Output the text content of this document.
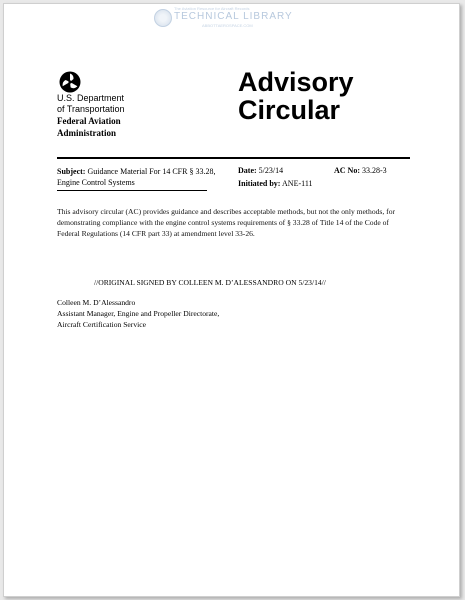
The Aviation Resource for Aircraft Records
TECHNICAL LIBRARY
ABBOTTAEROSPACE.COM
U.S. Department
of Transportation
Federal Aviation
Administration
Advisory
Circular
Subject: Guidance Material For 14 CFR § 33.28, Engine Control Systems
Date: 5/23/14	AC No: 33.28-3
Initiated by: ANE-111
This advisory circular (AC) provides guidance and describes acceptable methods, but not the only methods, for demonstrating compliance with the engine control systems requirements of § 33.28 of Title 14 of the Code of Federal Regulations (14 CFR part 33) at amendment level 33-26.
//ORIGINAL SIGNED BY COLLEEN M. D’ALESSANDRO ON 5/23/14//
Colleen M. D’Alessandro
Assistant Manager, Engine and Propeller Directorate,
Aircraft Certification Service
